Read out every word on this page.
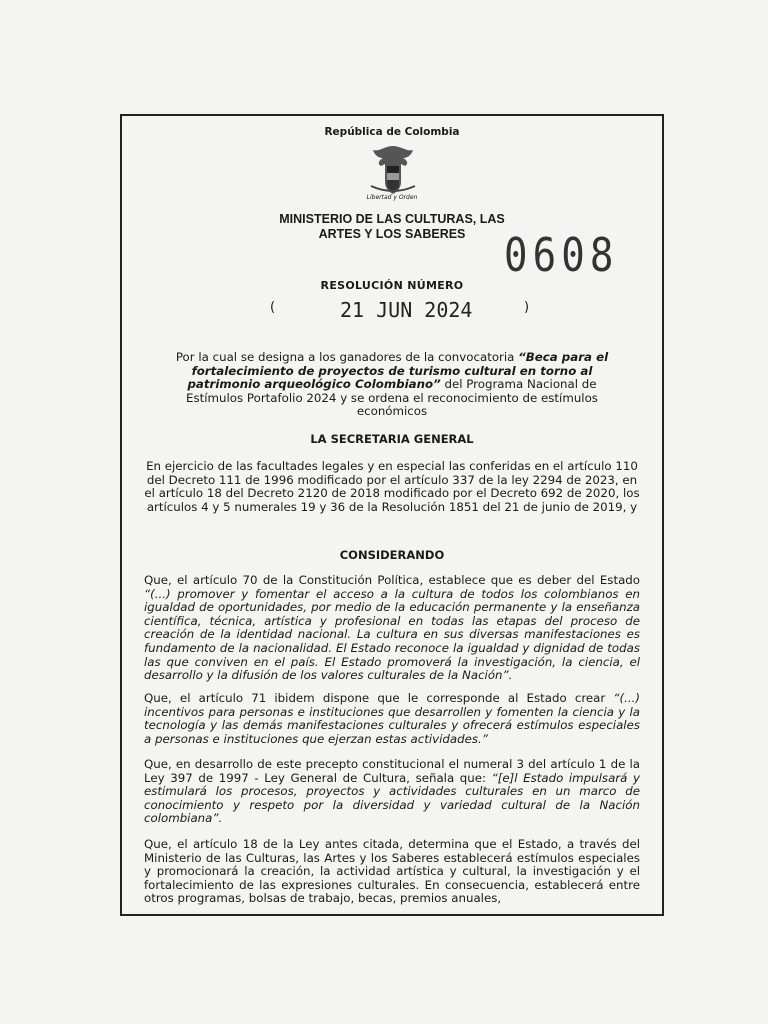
República de Colombia
Libertad y Orden
MINISTERIO DE LAS CULTURAS, LAS
ARTES Y LOS SABERES 0608
RESOLUCIÓN NÚMERO
(	21 JUN 2024	)
Por la cual se designa a los ganadores de la convocatoria “Beca para el fortalecimiento de proyectos de turismo cultural en torno al patrimonio arqueológico Colombiano” del Programa Nacional de Estímulos Portafolio 2024 y se ordena el reconocimiento de estímulos económicos
LA SECRETARIA GENERAL
En ejercicio de las facultades legales y en especial las conferidas en el artículo 110 del Decreto 111 de 1996 modificado por el artículo 337 de la ley 2294 de 2023, en el artículo 18 del Decreto 2120 de 2018 modificado por el Decreto 692 de 2020, los artículos 4 y 5 numerales 19 y 36 de la Resolución 1851 del 21 de junio de 2019, y
CONSIDERANDO
Que, el artículo 70 de la Constitución Política, establece que es deber del Estado “(...) promover y fomentar el acceso a la cultura de todos los colombianos en igualdad de oportunidades, por medio de la educación permanente y la enseñanza científica, técnica, artística y profesional en todas las etapas del proceso de creación de la identidad nacional. La cultura en sus diversas manifestaciones es fundamento de la nacionalidad. El Estado reconoce la igualdad y dignidad de todas las que conviven en el país. El Estado promoverá la investigación, la ciencia, el desarrollo y la difusión de los valores culturales de la Nación”.
Que, el artículo 71 ibidem dispone que le corresponde al Estado crear “(...) incentivos para personas e instituciones que desarrollen y fomenten la ciencia y la tecnología y las demás manifestaciones culturales y ofrecerá estímulos especiales a personas e instituciones que ejerzan estas actividades.”
Que, en desarrollo de este precepto constitucional el numeral 3 del artículo 1 de la Ley 397 de 1997 - Ley General de Cultura, señala que: “[e]l Estado impulsará y estimulará los procesos, proyectos y actividades culturales en un marco de conocimiento y respeto por la diversidad y variedad cultural de la Nación colombiana”.
Que, el artículo 18 de la Ley antes citada, determina que el Estado, a través del Ministerio de las Culturas, las Artes y los Saberes establecerá estímulos especiales y promocionará la creación, la actividad artística y cultural, la investigación y el fortalecimiento de las expresiones culturales. En consecuencia, establecerá entre otros programas, bolsas de trabajo, becas, premios anuales,
